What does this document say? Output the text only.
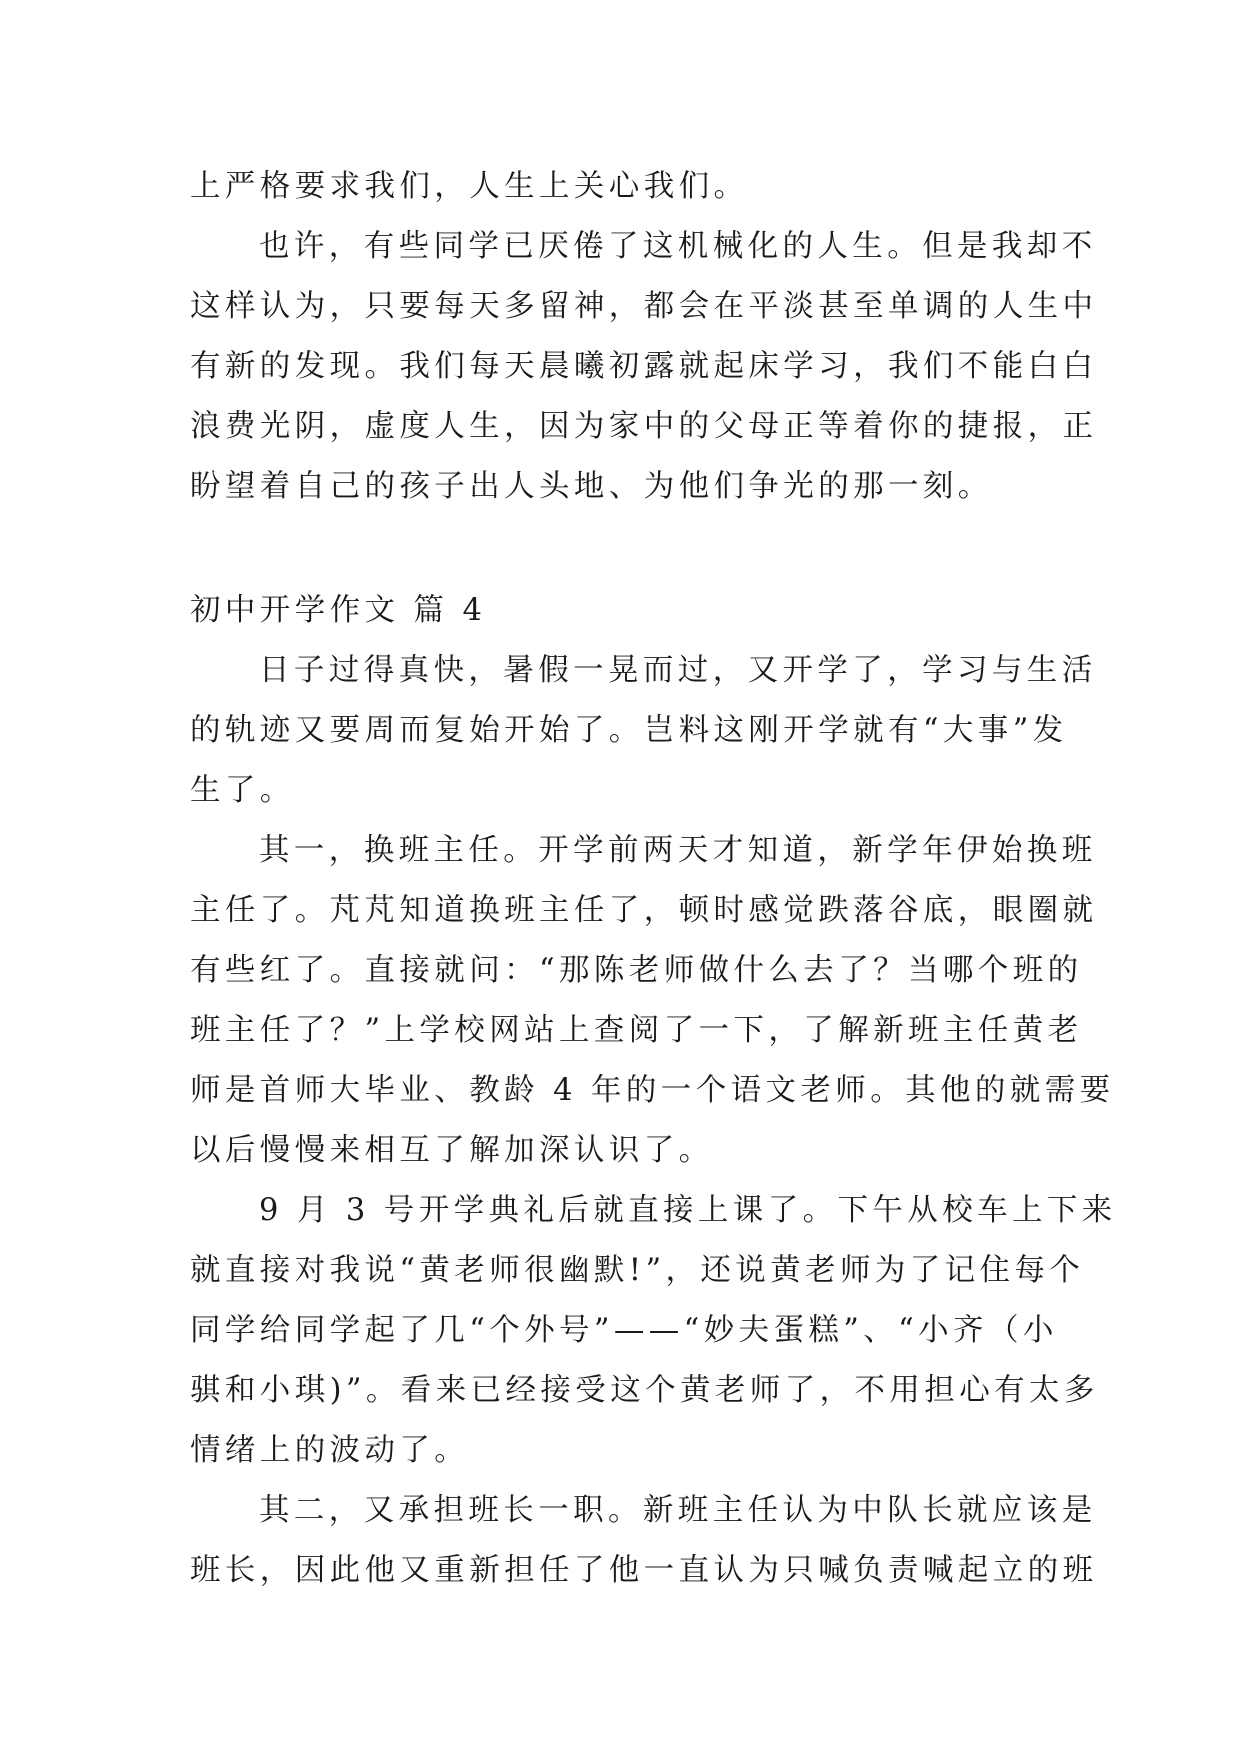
上严格要求我们，人生上关心我们。

也许，有些同学已厌倦了这机械化的人生。但是我却不
这样认为，只要每天多留神，都会在平淡甚至单调的人生中
有新的发现。我们每天晨曦初露就起床学习，我们不能白白
浪费光阴，虚度人生，因为家中的父母正等着你的捷报，正
盼望着自己的孩子出人头地、为他们争光的那一刻。

初中开学作文 篇 4

日子过得真快，暑假一晃而过，又开学了，学习与生活
的轨迹又要周而复始开始了。岂料这刚开学就有“大事”发
生了。

其一，换班主任。开学前两天才知道，新学年伊始换班
主任了。芃芃知道换班主任了，顿时感觉跌落谷底，眼圈就
有些红了。直接就问：“那陈老师做什么去了？当哪个班的
班主任了？”上学校网站上查阅了一下，了解新班主任黄老
师是首师大毕业、教龄 4 年的一个语文老师。其他的就需要
以后慢慢来相互了解加深认识了。

9 月 3 号开学典礼后就直接上课了。下午从校车上下来
就直接对我说“黄老师很幽默!”，还说黄老师为了记住每个
同学给同学起了几“个外号”——“妙夫蛋糕”、“小齐（小
骐和小琪)”。看来已经接受这个黄老师了，不用担心有太多
情绪上的波动了。

其二，又承担班长一职。新班主任认为中队长就应该是
班长，因此他又重新担任了他一直认为只喊负责喊起立的班
